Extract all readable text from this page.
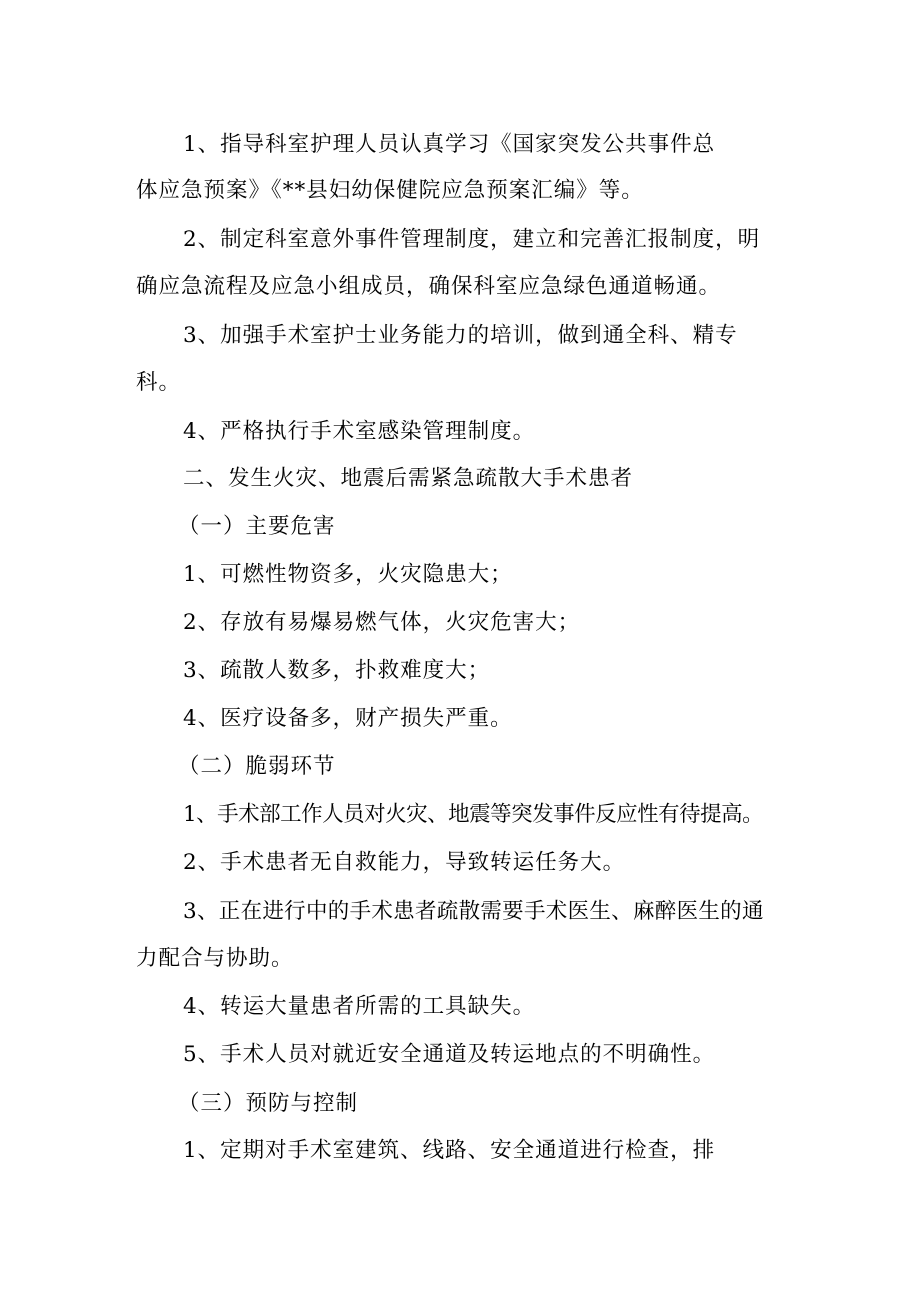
1、指导科室护理人员认真学习《国家突发公共事件总

体应急预案》《**县妇幼保健院应急预案汇编》等。

2、制定科室意外事件管理制度，建立和完善汇报制度，明

确应急流程及应急小组成员，确保科室应急绿色通道畅通。

3、加强手术室护士业务能力的培训，做到通全科、精专

科。

4、严格执行手术室感染管理制度。

二、发生火灾、地震后需紧急疏散大手术患者

（一）主要危害

1、可燃性物资多，火灾隐患大；

2、存放有易爆易燃气体，火灾危害大；

3、疏散人数多，扑救难度大；

4、医疗设备多，财产损失严重。

（二）脆弱环节

1、手术部工作人员对火灾、地震等突发事件反应性有待提高。

2、手术患者无自救能力，导致转运任务大。

3、正在进行中的手术患者疏散需要手术医生、麻醉医生的通

力配合与协助。

4、转运大量患者所需的工具缺失。

5、手术人员对就近安全通道及转运地点的不明确性。

（三）预防与控制

1、定期对手术室建筑、线路、安全通道进行检查，排
